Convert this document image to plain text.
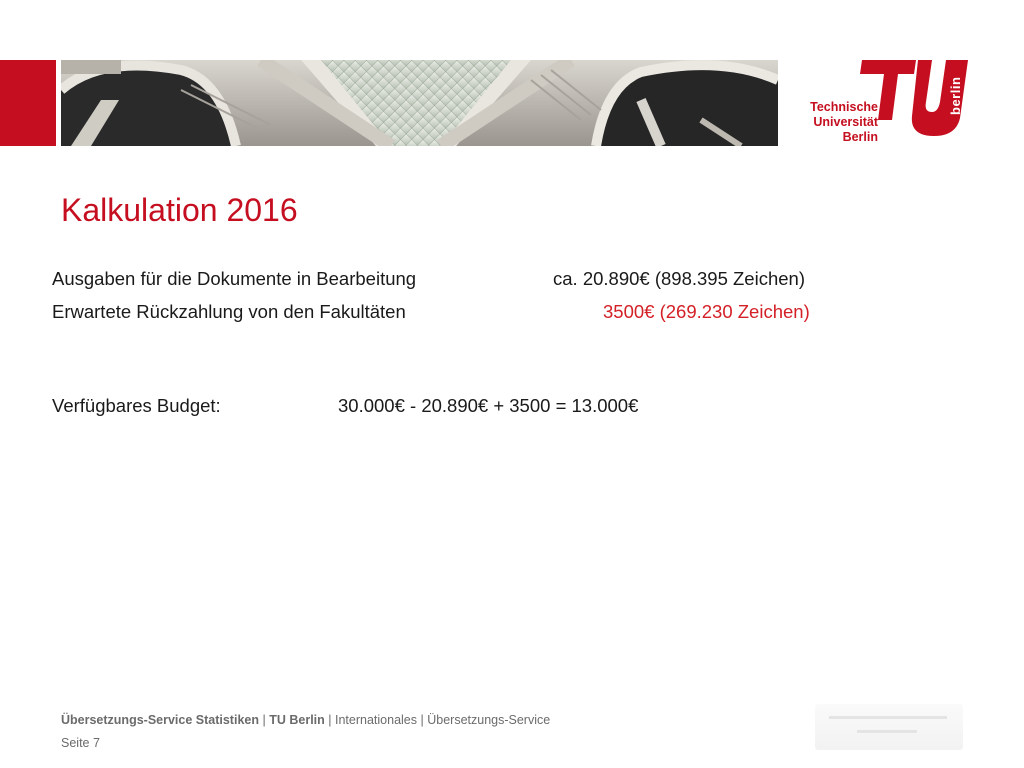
Technische
Universität
Berlin
berlin
Kalkulation 2016
Ausgaben für die Dokumente in Bearbeitung	ca. 20.890€ (898.395 Zeichen)
Erwartete Rückzahlung von den Fakultäten	3500€ (269.230 Zeichen)
Verfügbares Budget:	30.000€ - 20.890€ + 3500 = 13.000€
Übersetzungs-Service Statistiken | TU Berlin | Internationales | Übersetzungs-Service
Seite 7
